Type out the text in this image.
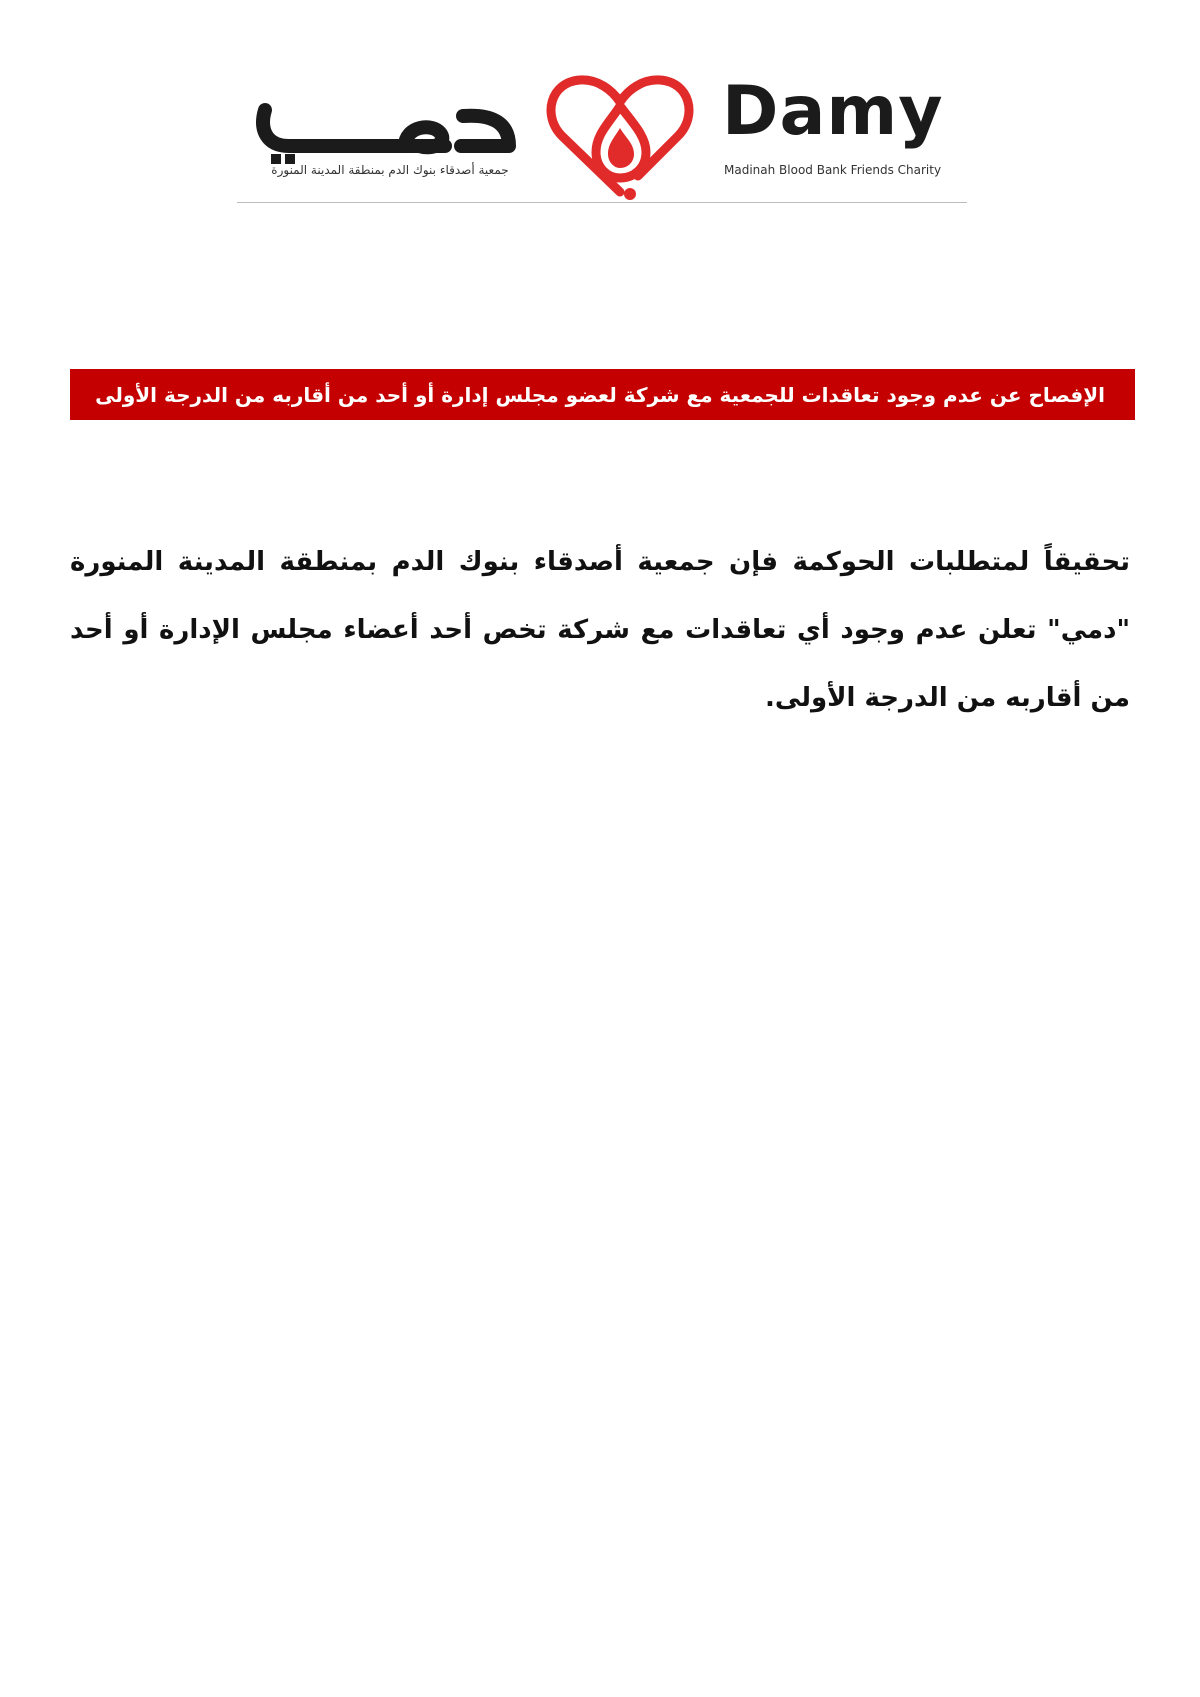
جمعية أصدقاء بنوك الدم بمنطقة المدينة المنورة
Damy
Madinah Blood Bank Friends Charity
الإفصاح عن عدم وجود تعاقدات للجمعية مع شركة لعضو مجلس إدارة أو أحد من أقاربه من الدرجة الأولى

تحقيقاً لمتطلبات الحوكمة فإن جمعية أصدقاء بنوك الدم بمنطقة المدينة المنورة "دمي" تعلن عدم وجود أي تعاقدات مع شركة تخص أحد أعضاء مجلس الإدارة أو أحد من أقاربه من الدرجة الأولى.
